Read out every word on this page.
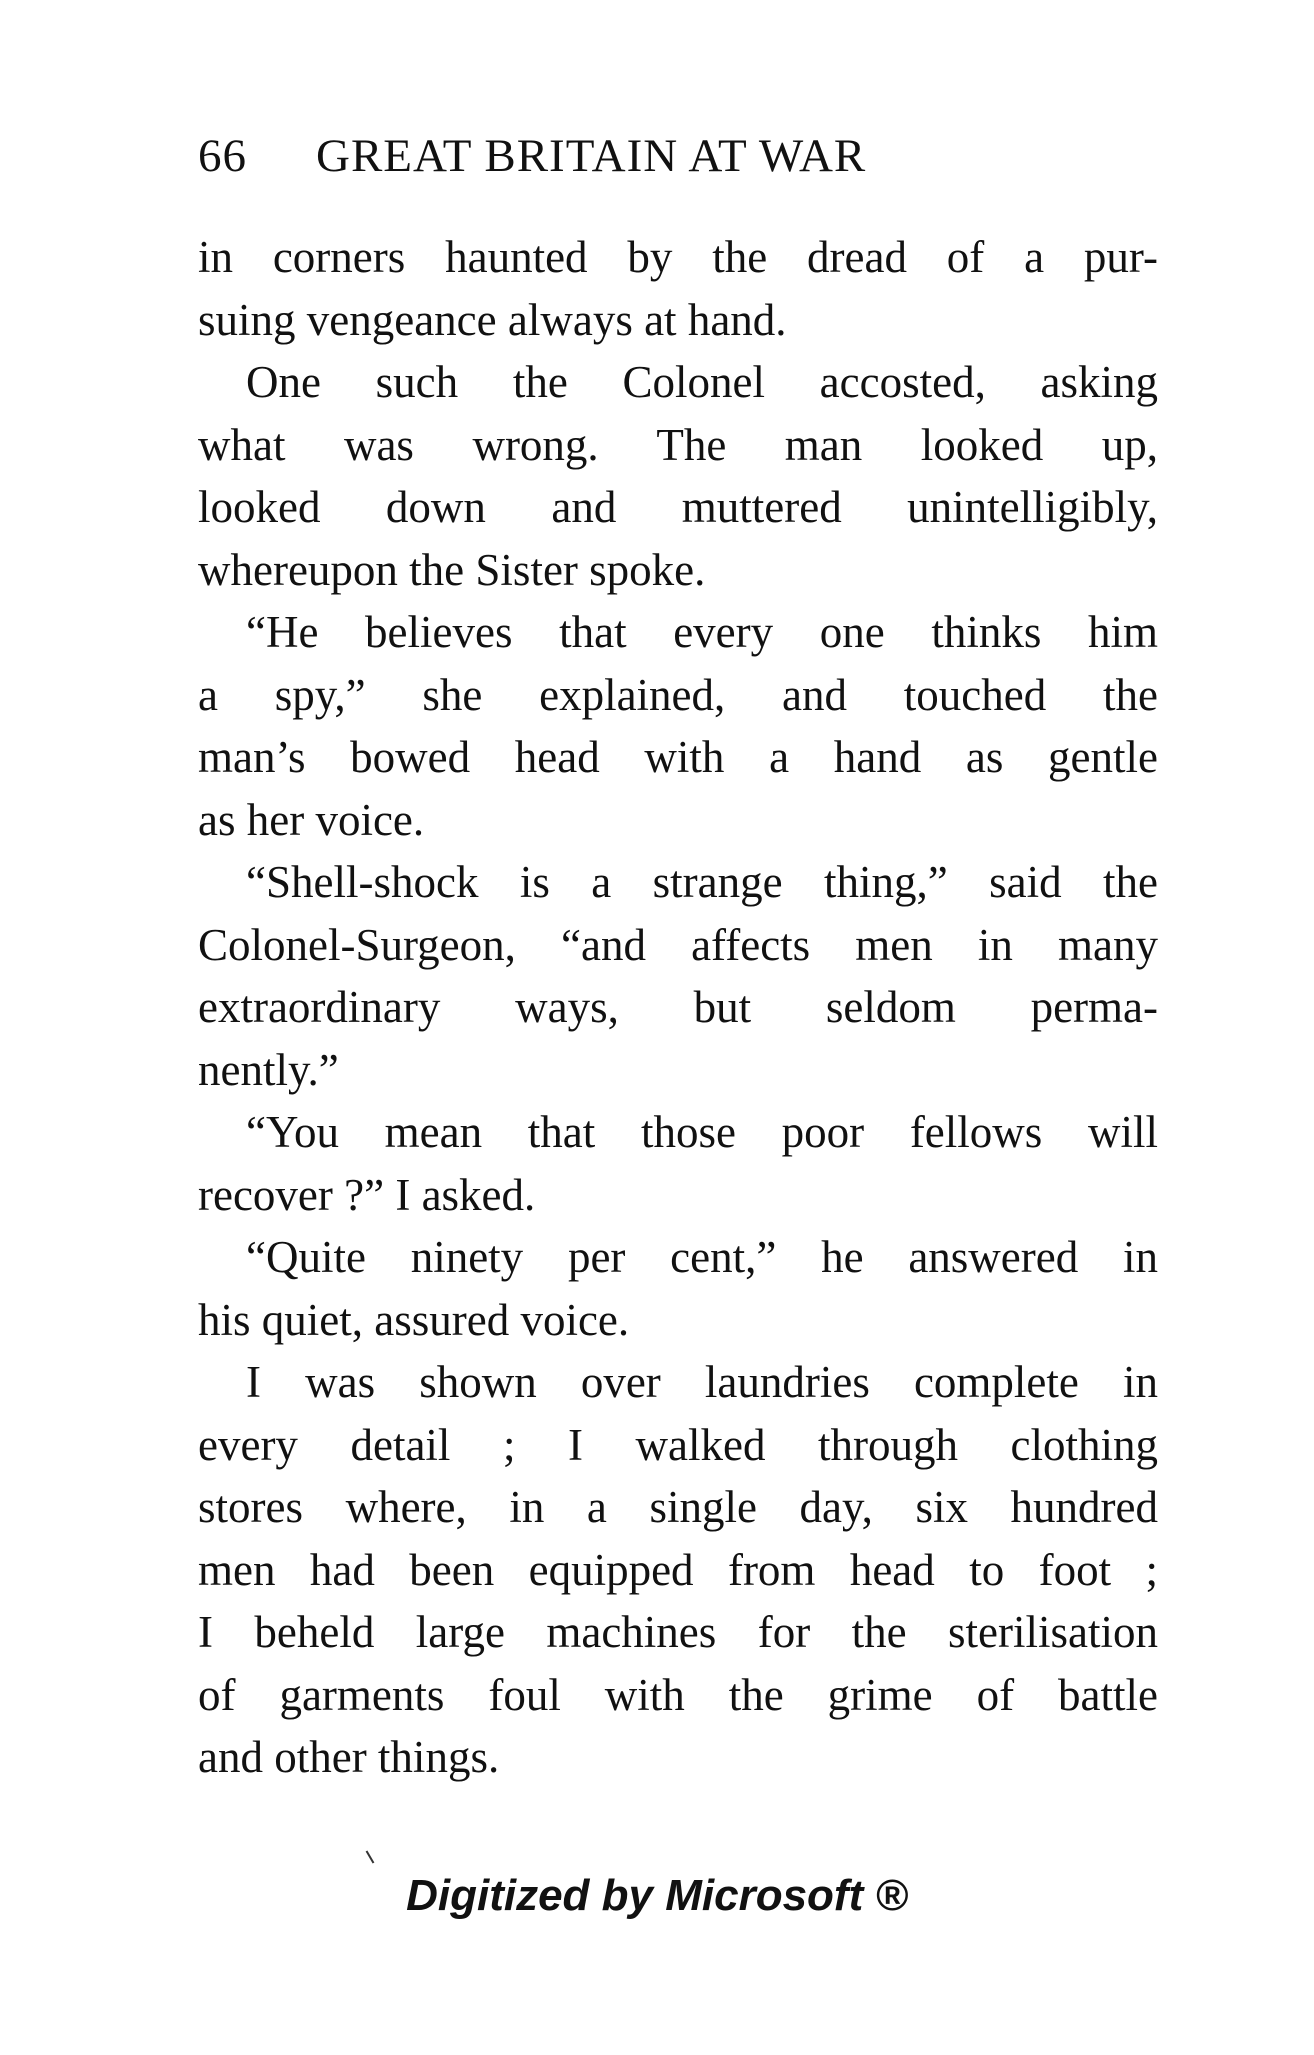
66 GREAT BRITAIN AT WAR
in corners haunted by the dread of a pur-
suing vengeance always at hand.
One such the Colonel accosted, asking
what was wrong. The man looked up,
looked down and muttered unintelligibly,
whereupon the Sister spoke.
“He believes that every one thinks him
a spy,” she explained, and touched the
man’s bowed head with a hand as gentle
as her voice.
“Shell-shock is a strange thing,” said the
Colonel-Surgeon, “and affects men in many
extraordinary ways, but seldom perma-
nently.”
“You mean that those poor fellows will
recover ?” I asked.
“Quite ninety per cent,” he answered in
his quiet, assured voice.
I was shown over laundries complete in
every detail ; I walked through clothing
stores where, in a single day, six hundred
men had been equipped from head to foot ;
I beheld large machines for the sterilisation
of garments foul with the grime of battle
and other things.
Digitized by Microsoft ®
